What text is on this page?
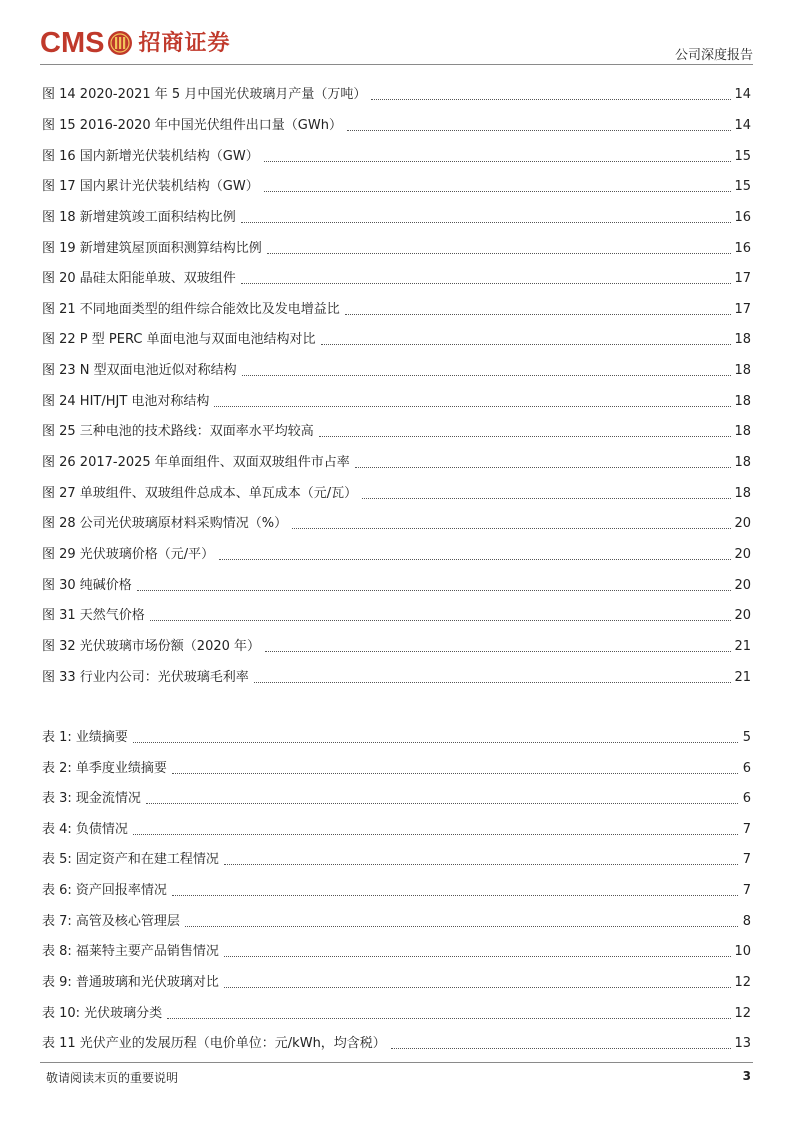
CMS 招商证券	公司深度报告
图 14 2020-2021 年 5 月中国光伏玻璃月产量（万吨）	14
图 15 2016-2020 年中国光伏组件出口量（GWh）	14
图 16 国内新增光伏装机结构（GW）	15
图 17 国内累计光伏装机结构（GW）	15
图 18 新增建筑竣工面积结构比例	16
图 19 新增建筑屋顶面积测算结构比例	16
图 20 晶硅太阳能单玻、双玻组件	17
图 21 不同地面类型的组件综合能效比及发电增益比	17
图 22 P 型 PERC 单面电池与双面电池结构对比	18
图 23 N 型双面电池近似对称结构	18
图 24 HIT/HJT 电池对称结构	18
图 25 三种电池的技术路线：双面率水平均较高	18
图 26 2017-2025 年单面组件、双面双玻组件市占率	18
图 27 单玻组件、双玻组件总成本、单瓦成本（元/瓦）	18
图 28 公司光伏玻璃原材料采购情况（%）	20
图 29 光伏玻璃价格（元/平）	20
图 30 纯碱价格	20
图 31 天然气价格	20
图 32 光伏玻璃市场份额（2020 年）	21
图 33 行业内公司：光伏玻璃毛利率	21
表 1: 业绩摘要	5
表 2: 单季度业绩摘要	6
表 3: 现金流情况	6
表 4: 负债情况	7
表 5: 固定资产和在建工程情况	7
表 6: 资产回报率情况	7
表 7: 高管及核心管理层	8
表 8: 福莱特主要产品销售情况	10
表 9: 普通玻璃和光伏玻璃对比	12
表 10: 光伏玻璃分类	12
表 11 光伏产业的发展历程（电价单位：元/kWh，均含税）	13
敬请阅读末页的重要说明	3
